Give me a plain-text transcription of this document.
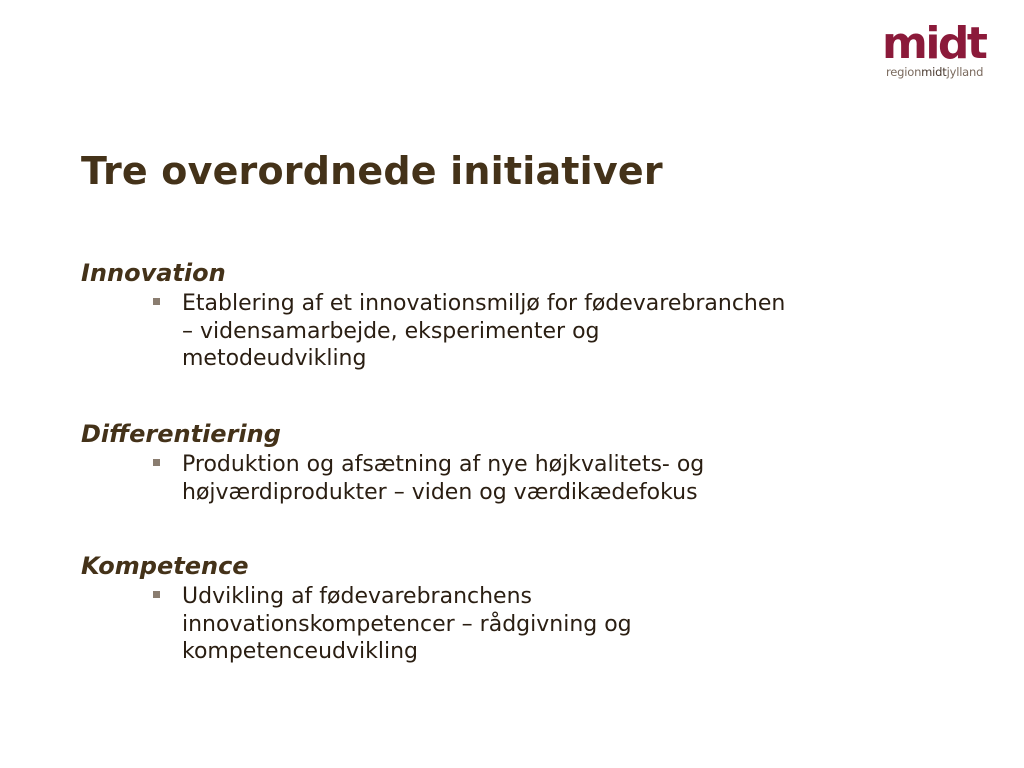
midt
regionmidtjylland
Tre overordnede initiativer

Innovation

Etablering af et innovationsmiljø for fødevarebranchen
– vidensamarbejde, eksperimenter og
metodeudvikling

Differentiering

Produktion og afsætning af nye højkvalitets- og
højværdiprodukter – viden og værdikædefokus

Kompetence

Udvikling af fødevarebranchens
innovationskompetencer – rådgivning og
kompetenceudvikling
